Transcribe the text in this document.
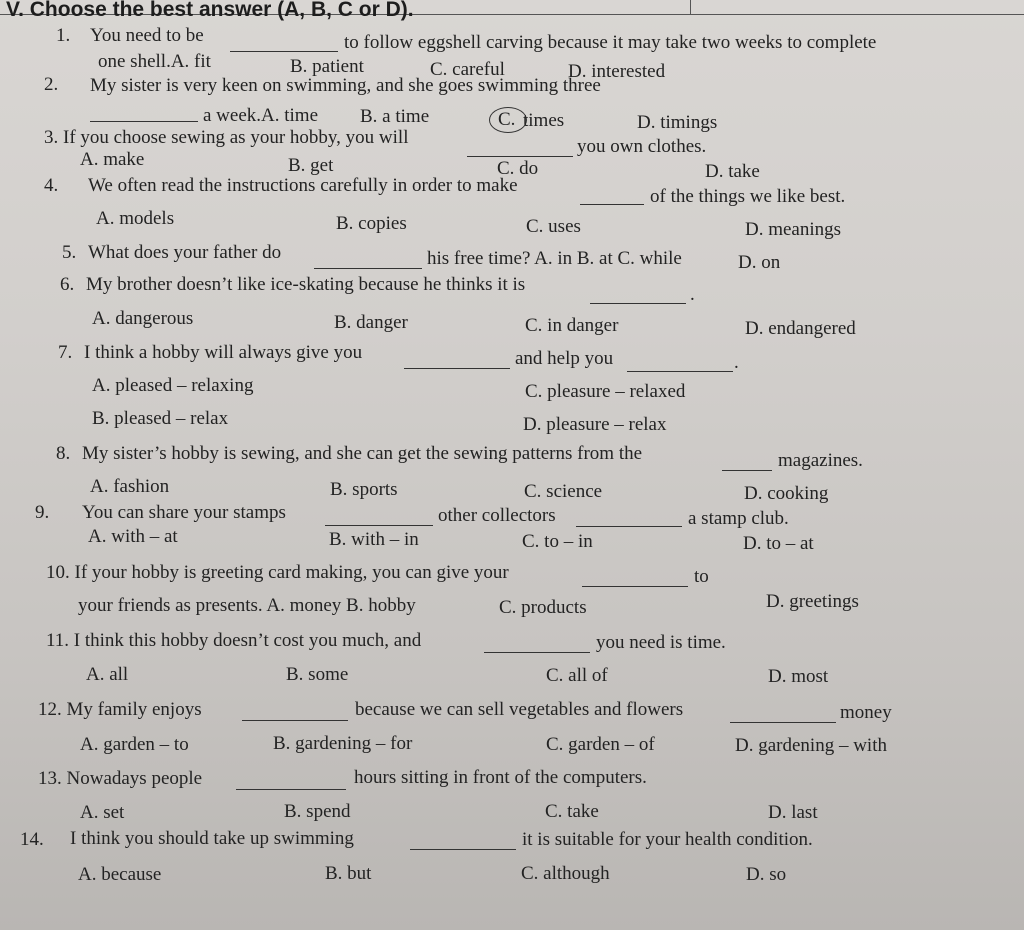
V. Choose the best answer (A, B, C or D).
1. You need to be	to follow eggshell carving because it may take two weeks to complete
one shell.A. fit	B. patient	C. careful	D. interested
2. My sister is very keen on swimming, and she goes swimming three
a week.A. time B. a time	C. times	D. timings
3. If you choose sewing as your hobby, you will	you own clothes.
A. make	B. get	C. do	D. take
4. We often read the instructions carefully in order to make
of the things we like best.
A. models	B. copies	C. uses	D. meanings
5. What does your father do	his free time? A. in B. at C. while	D. on
6. My brother doesn’t like ice-skating because he thinks it is	.
A. dangerous	B. danger	C. in danger	D. endangered
7. I think a hobby will always give you	and help you	.
A. pleased – relaxing	C. pleasure – relaxed
B. pleased – relax	D. pleasure – relax
8. My sister’s hobby is sewing, and she can get the sewing patterns from the	magazines.
A. fashion	B. sports	C. science	D. cooking
9. You can share your stamps	other collectors	a stamp club.
A. with – at	B. with – in	C. to – in	D. to – at
10. If your hobby is greeting card making, you can give your	to
your friends as presents. A. money B. hobby	C. products	D. greetings
11. I think this hobby doesn’t cost you much, and	you need is time.
A. all	B. some	C. all of	D. most
12. My family enjoys	because we can sell vegetables and flowers	money
A. garden – to	B. gardening – for	C. garden – of	D. gardening – with
13. Nowadays people	hours sitting in front of the computers.
A. set	B. spend	C. take	D. last
14. I think you should take up swimming	it is suitable for your health condition.
A. because	B. but	C. although	D. so
